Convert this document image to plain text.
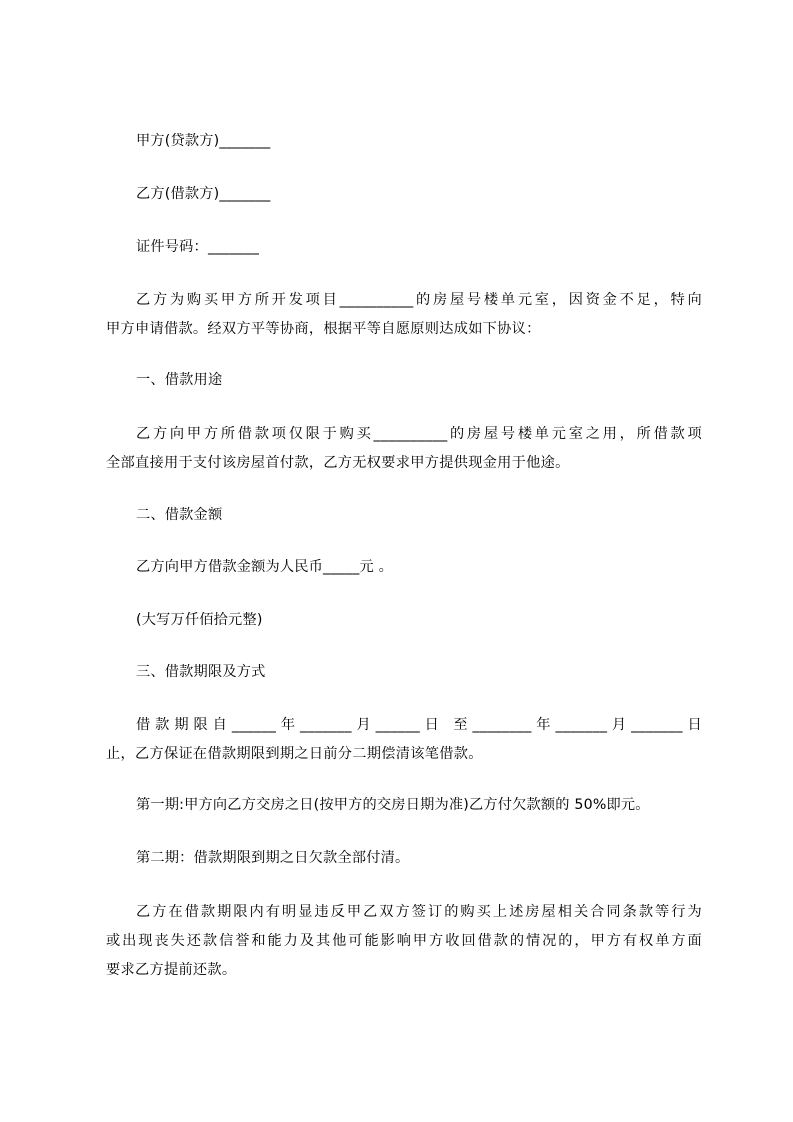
甲方(贷款方)_______
乙方(借款方)_______
证件号码：_______
乙方为购买甲方所开发项目__________的房屋号楼单元室，因资金不足，特向
甲方申请借款。经双方平等协商，根据平等自愿原则达成如下协议：
一、借款用途
乙方向甲方所借款项仅限于购买__________的房屋号楼单元室之用，所借款项
全部直接用于支付该房屋首付款，乙方无权要求甲方提供现金用于他途。
二、借款金额
乙方向甲方借款金额为人民币_____元 。
(大写万仟佰拾元整)
三、借款期限及方式
借款期限自______年_______月______日 至________年_______月_______日
止，乙方保证在借款期限到期之日前分二期偿清该笔借款。
第一期:甲方向乙方交房之日(按甲方的交房日期为准)乙方付欠款额的 50%即元。
第二期：借款期限到期之日欠款全部付清。
乙方在借款期限内有明显违反甲乙双方签订的购买上述房屋相关合同条款等行为
或出现丧失还款信誉和能力及其他可能影响甲方收回借款的情况的，甲方有权单方面
要求乙方提前还款。
